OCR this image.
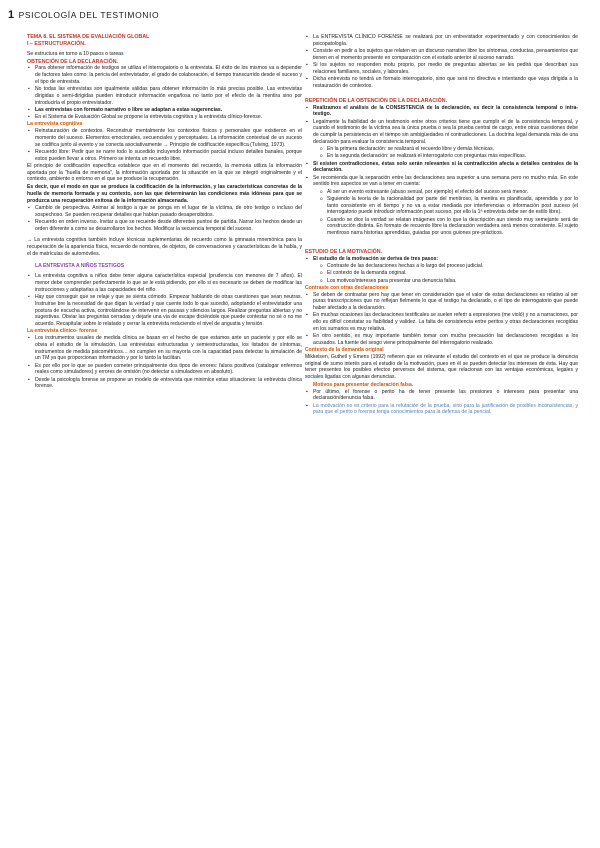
1 PSICOLOGÍA DEL TESTIMONIO
TEMA 8. EL SISTEMA DE EVALUACIÓN GLOBAL
I – ESTRUCTURACIÓN.

Se estructura en torno a 10 pasos o tareas

OBTENCIÓN DE LA DECLARACIÓN.
▪ Para obtener información de testigos se utiliza el interrogatorio o la entrevista. El éxito de los mismos va a depender de factores tales como: la pericia del entrevistador, el grado de colaboración, el tiempo transcurrido desde el suceso y el tipo de entrevista.
▪ No todas las entrevistas son igualmente válidas para obtener información lo más precisa posible. Las entrevistas dirigidas o semi-dirigidas pueden introducir información engañosa no tanto por el efecto de la mentira sino por introducirla el propio entrevistador.
▪ Las entrevistas con formato narrativo o libre se adaptan a estas sugerencias.
▪ En el Sistema de Evaluación Global se propone la entrevista cognitiva y la entrevista clínico-forense.
La entrevista cognitiva
▪ Reinstauración de contextos. Reconstruir mentalmente los contextos físicos y personales que existieron en el momento del suceso. Elementos emocionales, secuenciales y perceptuales. La información contextual de un suceso se codifica junto al evento y se conecta asociativamente → Principio de codificación específica (Tulving, 1973).
▪ Recuerdo libre: Pedir que se narre todo lo sucedido incluyendo información parcial incluso detalles banales, porque estos pueden llevar a otros. Primero se intenta un recuerdo libre.

El principio de codificación específica establece que en el momento del recuerdo, la memoria utiliza la información aportada por la "huella de memoria", la información aportada por la situación en la que se integró originalmente y el contexto, ambiente o entorno en el que se produce la recuperación.

Es decir, que el modo en que se produce la codificación de la información, y las características concretas de la huella de memoria formada y su contexto, son las que determinarán las condiciones más idóneas para que se produzca una recuperación exitosa de la información almacenada.

▪ Cambio de perspectiva. Animar al testigo a que se ponga en el lugar de la víctima, de otro testigo o incluso del sospechoso. Se pueden recuperar detalles que habían pasado desapercibidos.
▪ Recuerdo en orden inverso. Invitar a que se recuerde desde diferentes puntos de partida. Narrar los hechos desde un orden diferente a como se desarrollaron los hechos. Modificar la secuencia temporal del suceso.

→ La entrevista cognitiva también incluye técnicas suplementarias de recuerdo como la gimnasia mnemónica para la recuperación de la apariencia física, recuerdo de nombres, de objetos, de conversaciones y características de la habla, y el de matrículas de automóviles.

LA ENTREVISTA A NIÑOS TESTIGOS
▪ La entrevista cognitiva a niños debe tener alguna característica especial (prudencia con menores de 7 años). El menor debe comprender perfectamente lo que se le está pidiendo, por ello si es necesario se deben de modificar las instrucciones y adaptarlas a las capacidades del niño.
▪ Hay que conseguir que se relaje y que se sienta cómodo. Empezar hablando de otras cuestiones que sean neutras. Instruirse bre la necesidad de que digan la verdad y que cuente todo lo que sucedió, adoptando el entrevistador una postura de escucha activa, controlándose de intervenir en pausas y silencios largos. Realizar preguntas abiertas y no sugestivas. Obviar las preguntas cerradas y dejarle una vía de escape diciéndole que puede contestar no sé o no me acuerdo. Recapitular sobre lo relatado y cerrar la entrevista reduciendo el nivel de angustia y tensión.
La entrevista clínico- forense
▪ Los instrumentos usuales de medida clínica se basan en el hecho de que estamos ante un paciente y por ello se obvia el estudio de la simulación. Las entrevistas estructuradas y semiestructuradas, los listados de síntomas, instrumentos de medida psicométricos… no cumplen en su mayoría con la capacidad para detectar la simulación de un TM ya que proporcionan información y por lo tanto la facilitan.
▪ Es por ello por lo que se pueden cometer principalmente dos tipos de errores: falsos positivos (catalogar enfermos reales como simuladores) y errores de omisión (no detectar a simuladores en absoluto).
▪ Desde la psicología forense se propone un modelo de entrevista que minimice estas situaciones: la entrevista clínica forense.
▪ La ENTREVISTA CLÍNICO FORENSE se realizará por un entrevistador experimentado y con conocimientos de psicopatología.
▪ Consiste en pedir a los sujetos que relaten en un discurso narrativo libre los síntomas, conductas, pensamientos que tienen en el momento presente en comparación con el estado anterior al suceso narrado.
▪ Si los sujetos no responden motu proprio, por medio de preguntas abiertas se les pedirá que describan sus relaciones familiares, sociales, y laborales.
▪ Dicha entrevista no tendrá un formato interrogatorio, sino que será no directiva e intentando que vaya dirigida a la restauración de contextos.
REPETICIÓN DE LA OBTENCIÓN DE LA DECLARACIÓN.
▪ Realizamos el análisis de la CONSISTENCIA de la declaración, es decir la consistencia temporal o intra-testigo.
▪ Legalmente la fiabilidad de un testimonio entre otros criterios tiene que cumplir el de la consistencia temporal, y cuando el testimonio de la víctima sea la única prueba o sea la prueba central de cargo, entre otras cuestiones debe de cumplir la persistencia en el tiempo sin ambigüedades ni contradicciones. La doctrina legal demanda más de una declaración para evaluar la consistencia temporal.
o En la primera declaración: se realizará el recuerdo libre y demás técnicas.
o En la segunda declaración: se realizará el interrogatorio con preguntas más específicas.
▪ Si existen contradicciones, éstas solo serán relevantes si la contradicción afecta a detalles centrales de la declaración.
▪ Se recomienda que la separación entre las declaraciones sea superior a una semana pero no mucho más. En este sentido tres aspectos se van a tener en cuenta:
o Al ser un evento estresante (abuso sexual, por ejemplo) el efecto del suceso será menor.
o Siguiendo la teoría de la racionalidad por parte del mentiroso, la mentira es planificada, aprendida y por lo tanto consistente en el tiempo y no va a estar mediada por interferencias o información post suceso (el interrogatorio puede introducir información post suceso, por ello la 1ª entrevista debe ser de estilo libre).
o Cuando se dice la verdad se relatan imágenes con lo que la descripción aun siendo muy semejante será de construcción distinta. En formato de recuerdo libre la declaración verdadera será menos consistente. El sujeto mentiroso narra historias aprendidas, guiadas por unos guiones pre-prácticos.
ESTUDIO DE LA MOTIVACIÓN.
▪ El estudio de la motivación se deriva de tres pasos:
o Contraste de las declaraciones hechas a lo largo del proceso judicial.
o El contexto de la demanda original.
o Los motivos/intereses para presentar una denuncia falsa.
Contraste con otras declaraciones
▪ Se deben de contrastar pero hay que tener en consideración que el valor de estas declaraciones es relativo al ser puras transcripciones que no reflejan fielmente lo que el testigo ha declarado, o el tipo de interrogatorio que puede haber afectado a la declaración.
▪ En muchas ocasiones las declaraciones testificales se suelen referir a expresiones (me violó) y no a narraciones, por ello es difícil constatar su fiabilidad y validez. La falta de consistencia entre peritos y otras declaraciones recogidas en los sumarios es muy relativa.
▪ En otro sentido, es muy importante también tomar con mucha precaución las declaraciones recogidas a los acusados. La fuente del sesgo viene principalmente del interrogatorio realizado.
Contexto de la demanda original

Mikkelsen, Gutheil y Emens (1992) refieren que es relevante el estudio del contexto en el que se produce la denuncia original de sumo interés para el estudio de la motivación, pues en él se pueden detectar los intereses de ésta. Hay que tener presentes los posibles efectos perversos del sistema, que relacionan con las ventajas económicas, legales y sociales ligadas con algunas denuncias.

Motivos para presentar declaración falsa.
▪ Por último, el forense o perito ha de tener presente las presiones o intereses para presentar una declaración/denuncia falsa.
▪ La motivación no es criterio para la refutación de la prueba, sino para la justificación de posibles inconsistencias, y para que el perito o forense tenga conocimientos para la defensa de la pericial.
